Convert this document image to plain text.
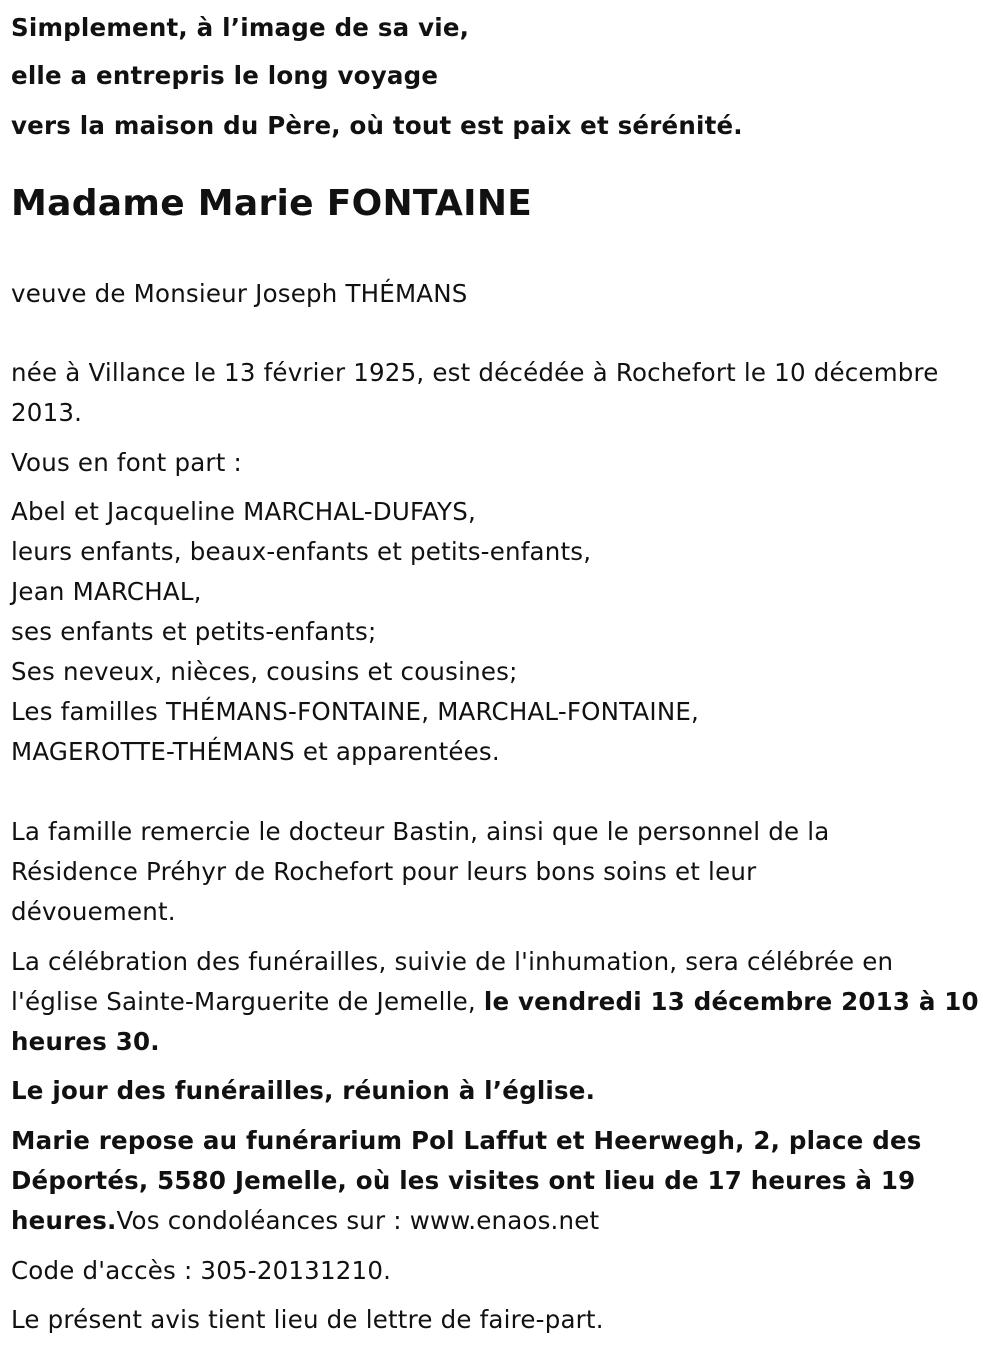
Simplement, à l’image de sa vie,
elle a entrepris le long voyage
vers la maison du Père, où tout est paix et sérénité.
Madame Marie FONTAINE
veuve de Monsieur Joseph THÉMANS
née à Villance le 13 février 1925, est décédée à Rochefort le 10 décembre
2013.
Vous en font part :
Abel et Jacqueline MARCHAL-DUFAYS,
leurs enfants, beaux-enfants et petits-enfants,
Jean MARCHAL,
ses enfants et petits-enfants;
Ses neveux, nièces, cousins et cousines;
Les familles THÉMANS-FONTAINE, MARCHAL-FONTAINE,
MAGEROTTE-THÉMANS et apparentées.
La famille remercie le docteur Bastin, ainsi que le personnel de la
Résidence Préhyr de Rochefort pour leurs bons soins et leur
dévouement.
La célébration des funérailles, suivie de l'inhumation, sera célébrée en
l'église Sainte-Marguerite de Jemelle, le vendredi 13 décembre 2013 à 10
heures 30.
Le jour des funérailles, réunion à l’église.
Marie repose au funérarium Pol Laffut et Heerwegh, 2, place des
Déportés, 5580 Jemelle, où les visites ont lieu de 17 heures à 19
heures.Vos condoléances sur : www.enaos.net
Code d'accès : 305-20131210.
Le présent avis tient lieu de lettre de faire-part.
